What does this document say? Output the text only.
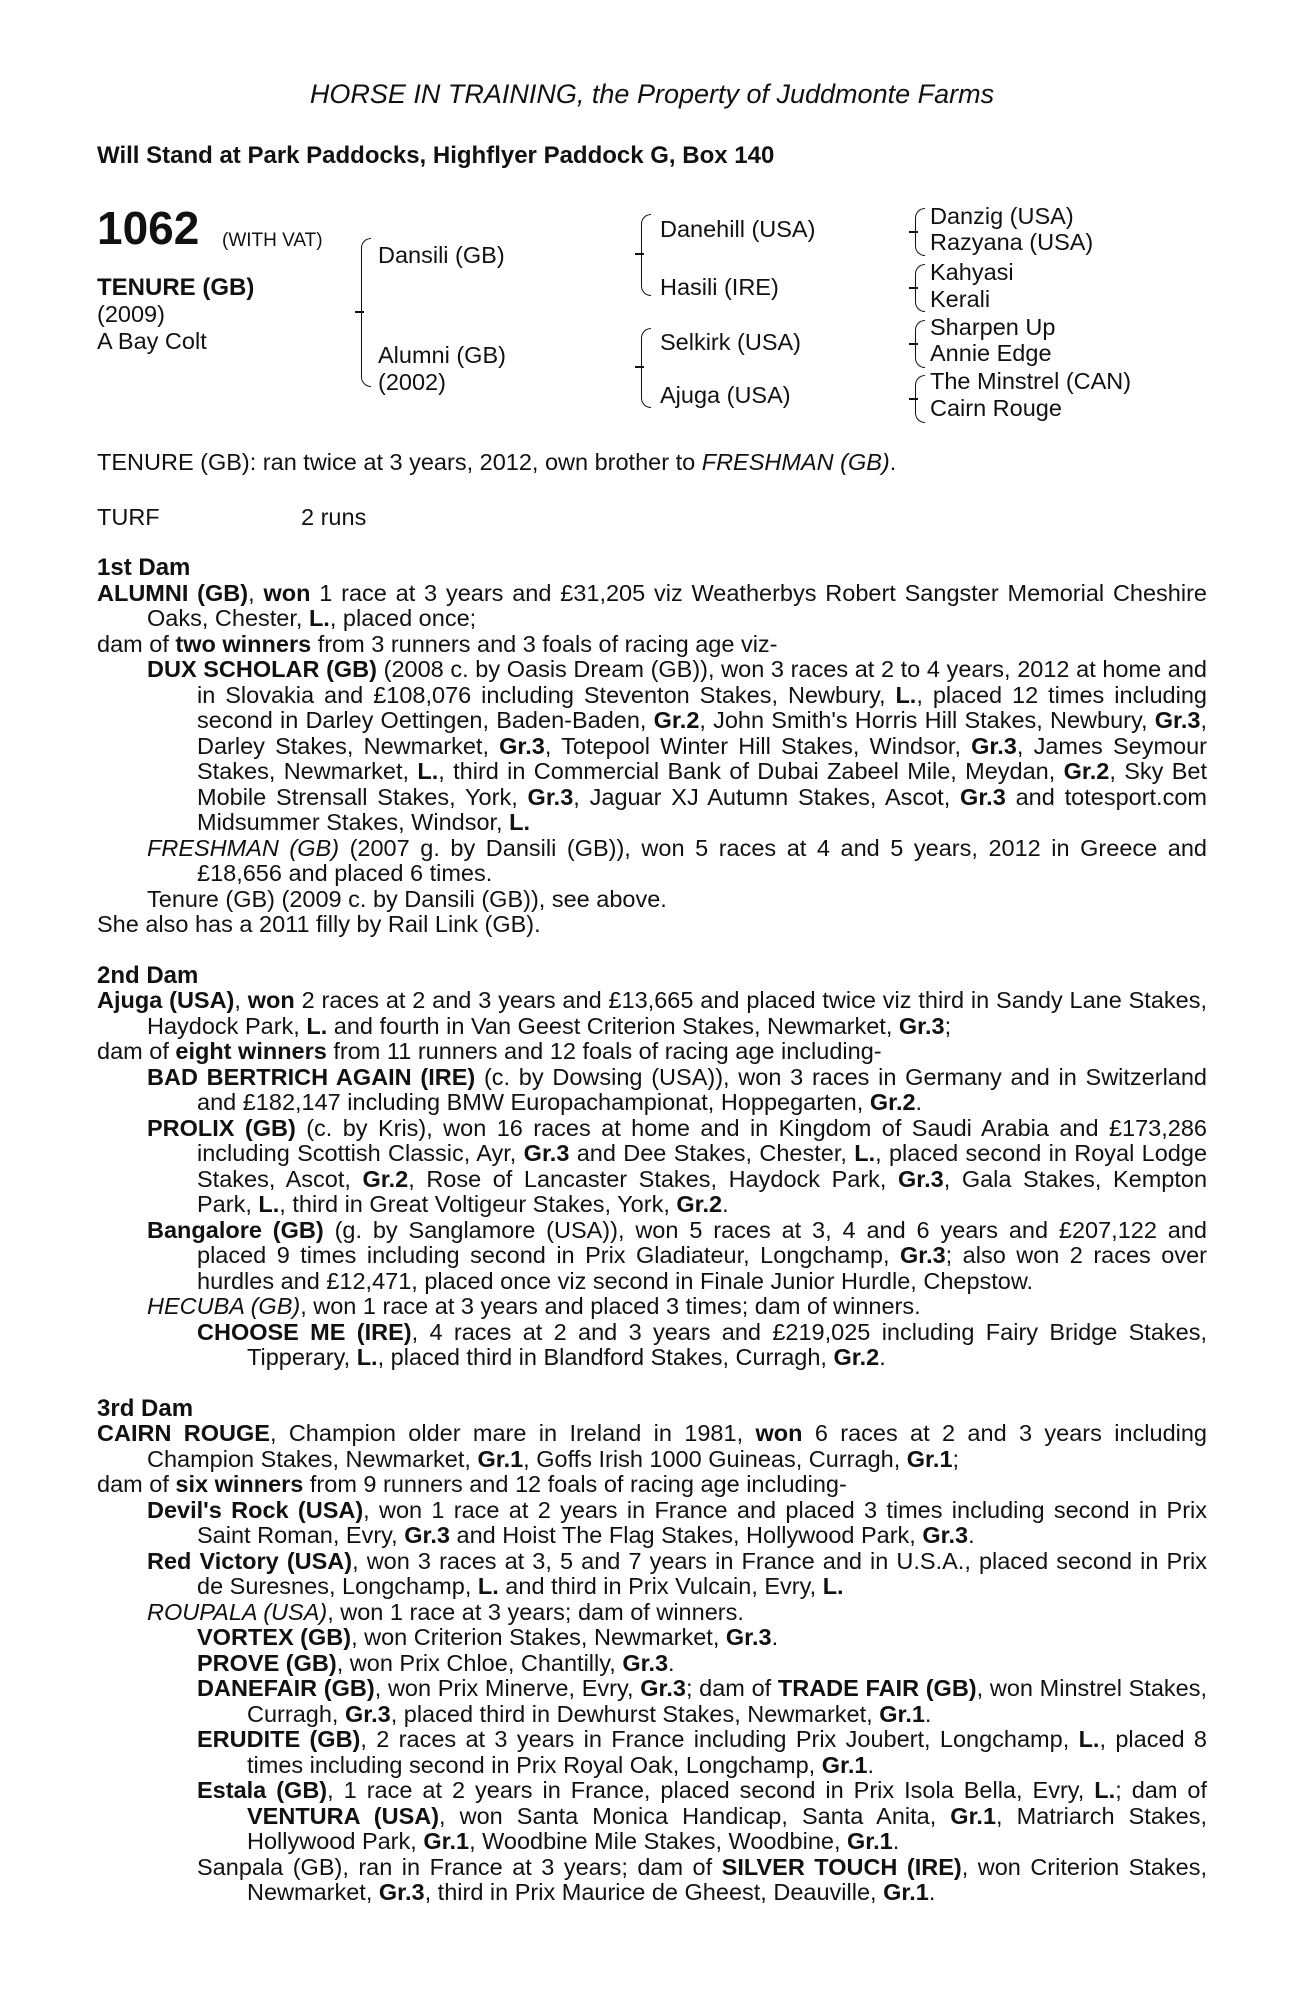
HORSE IN TRAINING, the Property of Juddmonte Farms
Will Stand at Park Paddocks, Highflyer Paddock G, Box 140
1062 (WITH VAT)
TENURE (GB)
(2009)
A Bay Colt
Dansili (GB)
Alumni (GB)
(2002)
Danehill (USA)
Hasili (IRE)
Selkirk (USA)
Ajuga (USA)
Danzig (USA)
Razyana (USA)
Kahyasi
Kerali
Sharpen Up
Annie Edge
The Minstrel (CAN)
Cairn Rouge
TENURE (GB): ran twice at 3 years, 2012, own brother to FRESHMAN (GB).
TURF	2 runs
1st Dam

ALUMNI (GB), won 1 race at 3 years and £31,205 viz Weatherbys Robert Sangster Memorial Cheshire Oaks, Chester, L., placed once;

dam of two winners from 3 runners and 3 foals of racing age viz-

DUX SCHOLAR (GB) (2008 c. by Oasis Dream (GB)), won 3 races at 2 to 4 years, 2012 at home and in Slovakia and £108,076 including Steventon Stakes, Newbury, L., placed 12 times including second in Darley Oettingen, Baden-Baden, Gr.2, John Smith's Horris Hill Stakes, Newbury, Gr.3, Darley Stakes, Newmarket, Gr.3, Totepool Winter Hill Stakes, Windsor, Gr.3, James Seymour Stakes, Newmarket, L., third in Commercial Bank of Dubai Zabeel Mile, Meydan, Gr.2, Sky Bet Mobile Strensall Stakes, York, Gr.3, Jaguar XJ Autumn Stakes, Ascot, Gr.3 and totesport.com Midsummer Stakes, Windsor, L.

FRESHMAN (GB) (2007 g. by Dansili (GB)), won 5 races at 4 and 5 years, 2012 in Greece and £18,656 and placed 6 times.

Tenure (GB) (2009 c. by Dansili (GB)), see above.

She also has a 2011 filly by Rail Link (GB).

2nd Dam

Ajuga (USA), won 2 races at 2 and 3 years and £13,665 and placed twice viz third in Sandy Lane Stakes, Haydock Park, L. and fourth in Van Geest Criterion Stakes, Newmarket, Gr.3;

dam of eight winners from 11 runners and 12 foals of racing age including-

BAD BERTRICH AGAIN (IRE) (c. by Dowsing (USA)), won 3 races in Germany and in Switzerland and £182,147 including BMW Europachampionat, Hoppegarten, Gr.2.

PROLIX (GB) (c. by Kris), won 16 races at home and in Kingdom of Saudi Arabia and £173,286 including Scottish Classic, Ayr, Gr.3 and Dee Stakes, Chester, L., placed second in Royal Lodge Stakes, Ascot, Gr.2, Rose of Lancaster Stakes, Haydock Park, Gr.3, Gala Stakes, Kempton Park, L., third in Great Voltigeur Stakes, York, Gr.2.

Bangalore (GB) (g. by Sanglamore (USA)), won 5 races at 3, 4 and 6 years and £207,122 and placed 9 times including second in Prix Gladiateur, Longchamp, Gr.3; also won 2 races over hurdles and £12,471, placed once viz second in Finale Junior Hurdle, Chepstow.

HECUBA (GB), won 1 race at 3 years and placed 3 times; dam of winners.

CHOOSE ME (IRE), 4 races at 2 and 3 years and £219,025 including Fairy Bridge Stakes, Tipperary, L., placed third in Blandford Stakes, Curragh, Gr.2.

3rd Dam

CAIRN ROUGE, Champion older mare in Ireland in 1981, won 6 races at 2 and 3 years including Champion Stakes, Newmarket, Gr.1, Goffs Irish 1000 Guineas, Curragh, Gr.1;

dam of six winners from 9 runners and 12 foals of racing age including-

Devil's Rock (USA), won 1 race at 2 years in France and placed 3 times including second in Prix Saint Roman, Evry, Gr.3 and Hoist The Flag Stakes, Hollywood Park, Gr.3.

Red Victory (USA), won 3 races at 3, 5 and 7 years in France and in U.S.A., placed second in Prix de Suresnes, Longchamp, L. and third in Prix Vulcain, Evry, L.

ROUPALA (USA), won 1 race at 3 years; dam of winners.

VORTEX (GB), won Criterion Stakes, Newmarket, Gr.3.

PROVE (GB), won Prix Chloe, Chantilly, Gr.3.

DANEFAIR (GB), won Prix Minerve, Evry, Gr.3; dam of TRADE FAIR (GB), won Minstrel Stakes, Curragh, Gr.3, placed third in Dewhurst Stakes, Newmarket, Gr.1.

ERUDITE (GB), 2 races at 3 years in France including Prix Joubert, Longchamp, L., placed 8 times including second in Prix Royal Oak, Longchamp, Gr.1.

Estala (GB), 1 race at 2 years in France, placed second in Prix Isola Bella, Evry, L.; dam of VENTURA (USA), won Santa Monica Handicap, Santa Anita, Gr.1, Matriarch Stakes, Hollywood Park, Gr.1, Woodbine Mile Stakes, Woodbine, Gr.1.

Sanpala (GB), ran in France at 3 years; dam of SILVER TOUCH (IRE), won Criterion Stakes, Newmarket, Gr.3, third in Prix Maurice de Gheest, Deauville, Gr.1.
